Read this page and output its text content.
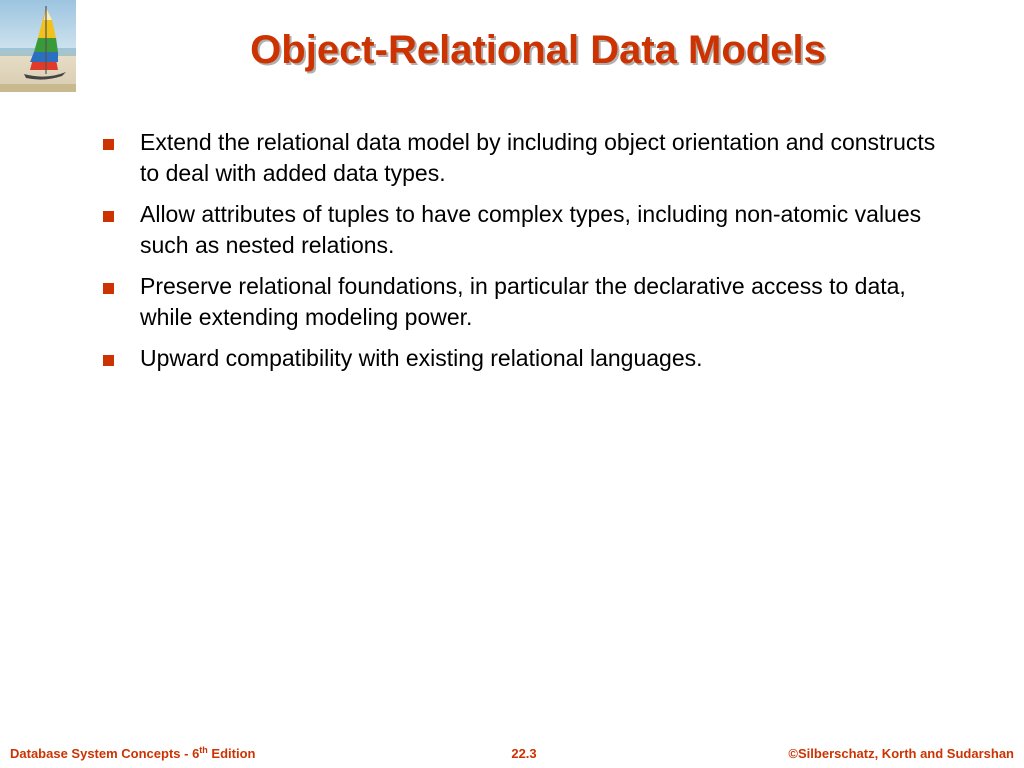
Object-Relational Data Models
Extend the relational data model by including object orientation and constructs to deal with added data types.
Allow attributes of tuples to have complex types, including non-atomic values such as nested relations.
Preserve relational foundations, in particular the declarative access to data, while extending modeling power.
Upward compatibility with existing relational languages.
Database System Concepts - 6th Edition	22.3	©Silberschatz, Korth and Sudarshan
